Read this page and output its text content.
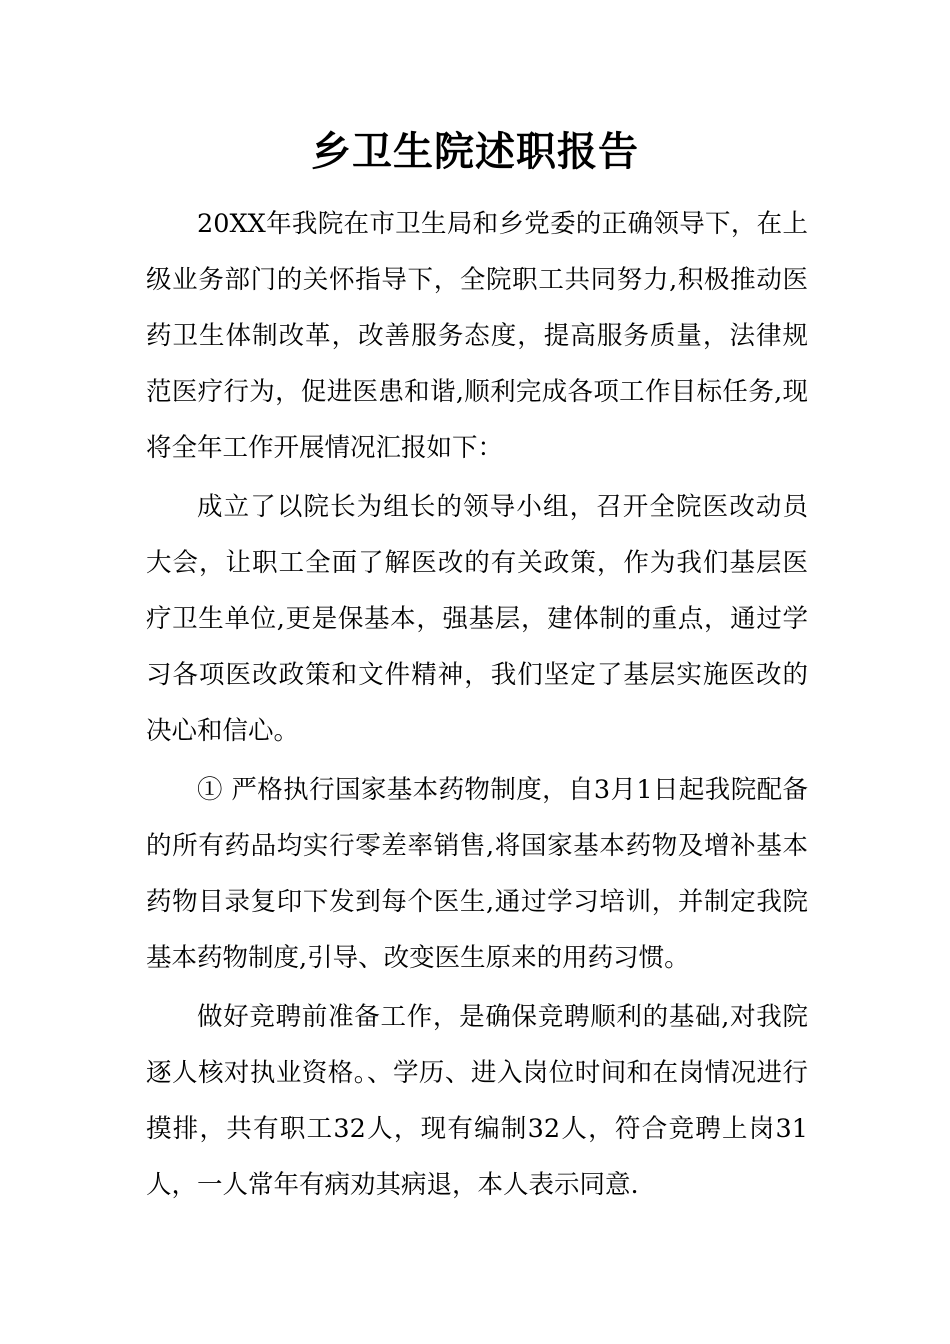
乡卫生院述职报告

20XX年我院在市卫生局和乡党委的正确领导下，在上级业务部门的关怀指导下，全院职工共同努力,积极推动医药卫生体制改革，改善服务态度，提高服务质量，法律规范医疗行为，促进医患和谐,顺利完成各项工作目标任务,现将全年工作开展情况汇报如下：

成立了以院长为组长的领导小组，召开全院医改动员大会，让职工全面了解医改的有关政策，作为我们基层医疗卫生单位,更是保基本，强基层，建体制的重点，通过学习各项医改政策和文件精神，我们坚定了基层实施医改的决心和信心。

① 严格执行国家基本药物制度，自3月1日起我院配备的所有药品均实行零差率销售,将国家基本药物及增补基本药物目录复印下发到每个医生,通过学习培训，并制定我院基本药物制度,引导、改变医生原来的用药习惯。

做好竞聘前准备工作，是确保竞聘顺利的基础,对我院逐人核对执业资格。、学历、进入岗位时间和在岗情况进行摸排，共有职工32人，现有编制32人，符合竞聘上岗31人，一人常年有病劝其病退，本人表示同意.
